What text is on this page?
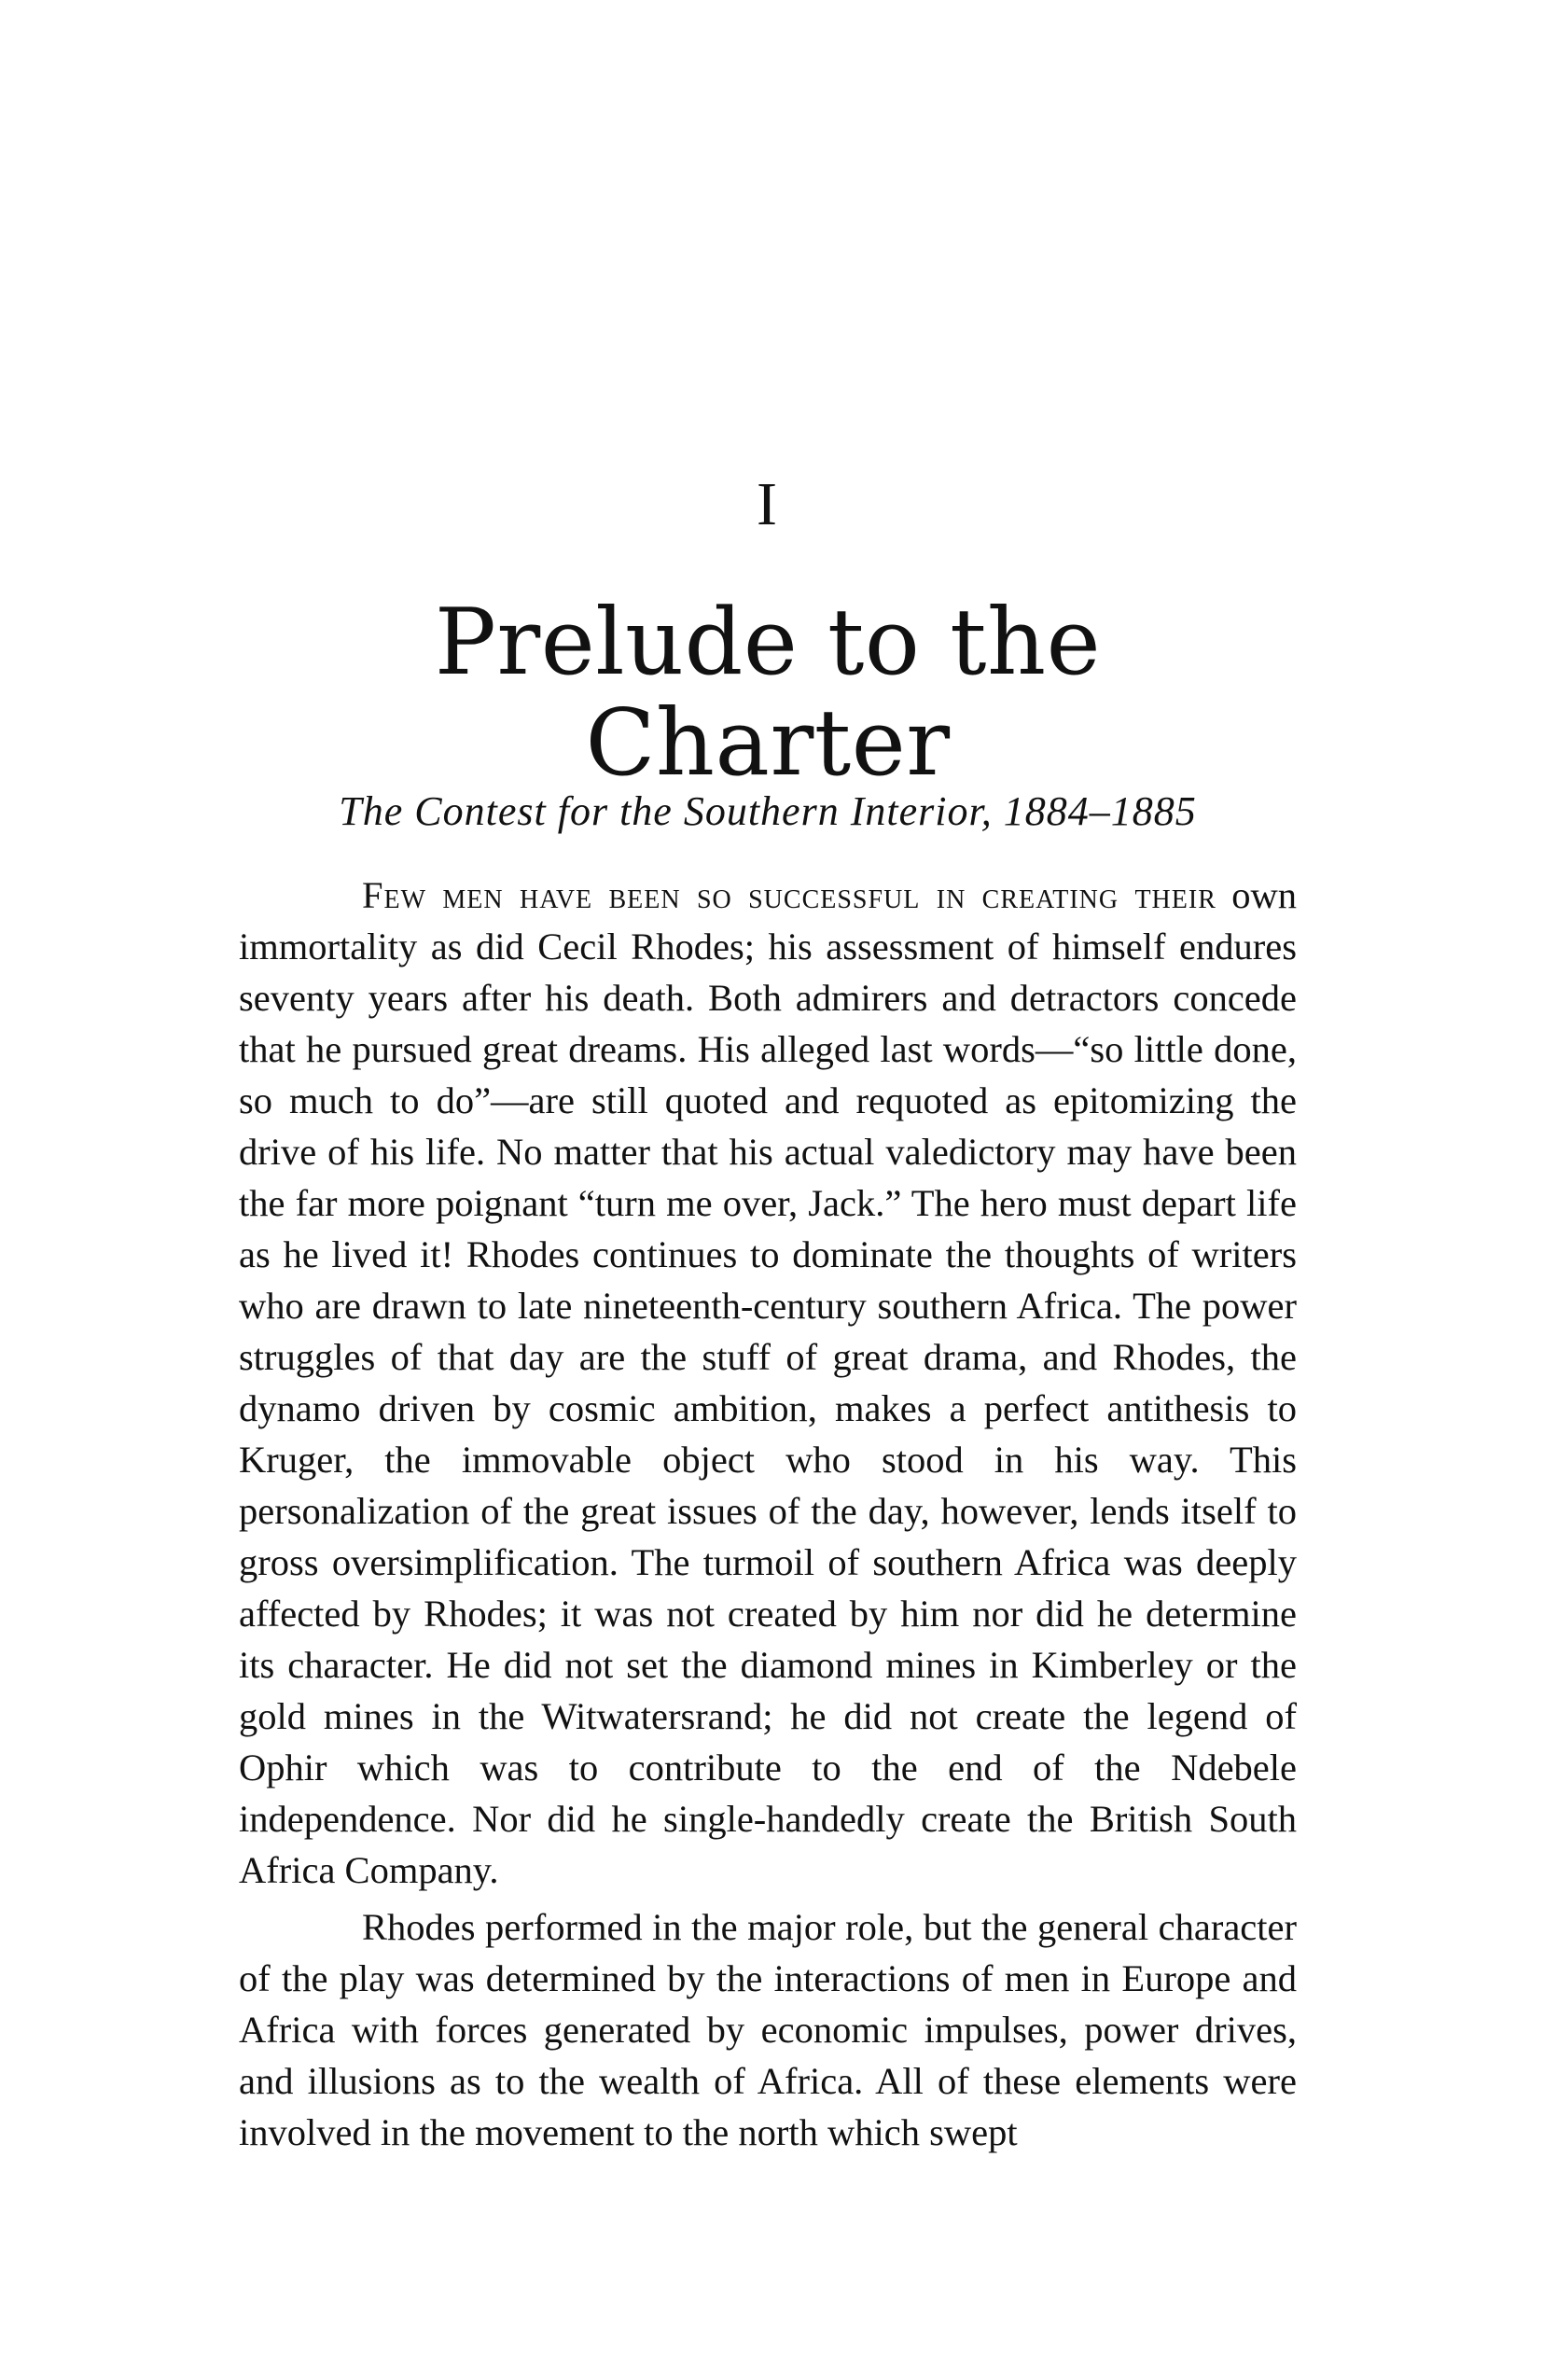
I
Prelude to the Charter
The Contest for the Southern Interior, 1884–1885

Few men have been so successful in creating their own immortality as did Cecil Rhodes; his assessment of himself endures seventy years after his death. Both admirers and detractors concede that he pursued great dreams. His alleged last words—“so little done, so much to do”—are still quoted and requoted as epitomizing the drive of his life. No matter that his actual valedictory may have been the far more poignant “turn me over, Jack.” The hero must depart life as he lived it! Rhodes continues to dominate the thoughts of writers who are drawn to late nineteenth-century southern Africa. The power struggles of that day are the stuff of great drama, and Rhodes, the dynamo driven by cosmic ambition, makes a perfect antithesis to Kruger, the immovable object who stood in his way. This personalization of the great issues of the day, however, lends itself to gross oversimplification. The turmoil of southern Africa was deeply affected by Rhodes; it was not created by him nor did he determine its character. He did not set the diamond mines in Kimberley or the gold mines in the Witwatersrand; he did not create the legend of Ophir which was to contribute to the end of the Ndebele independence. Nor did he single-handedly create the British South Africa Company.

Rhodes performed in the major role, but the general character of the play was determined by the interactions of men in Europe and Africa with forces generated by economic impulses, power drives, and illusions as to the wealth of Africa. All of these elements were involved in the movement to the north which swept
